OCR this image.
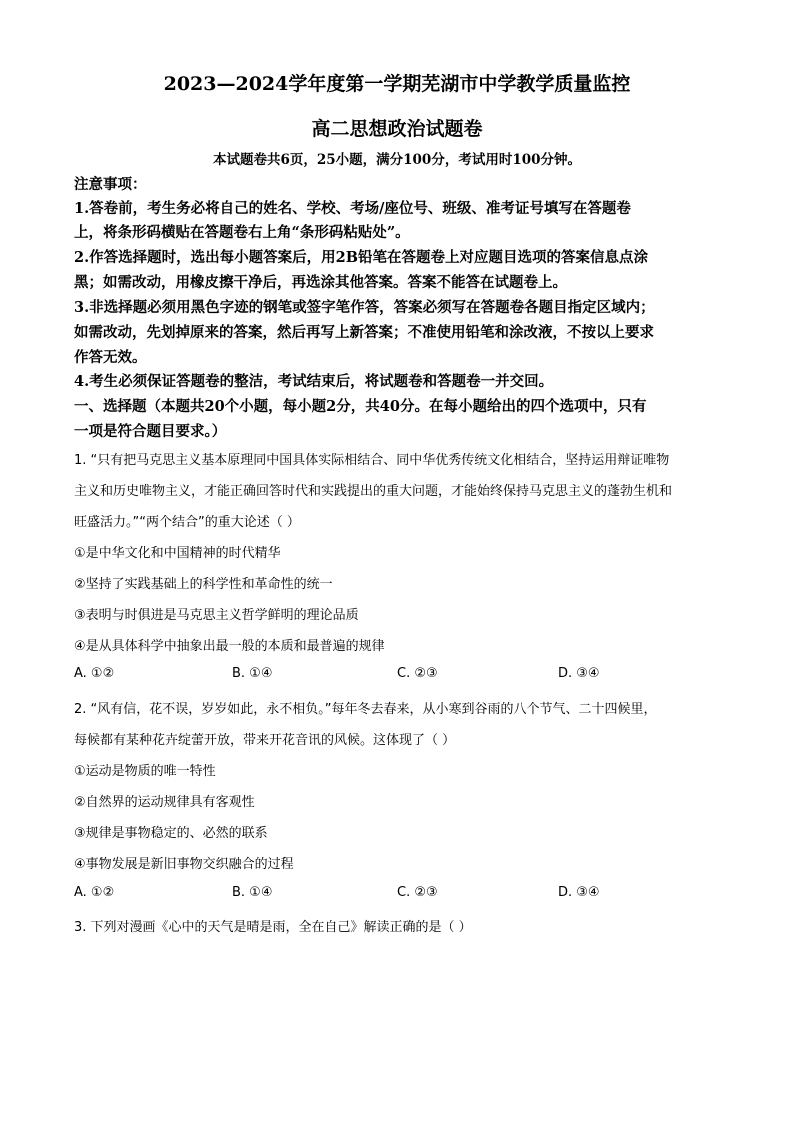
2023—2024学年度第一学期芜湖市中学教学质量监控
高二思想政治试题卷
本试题卷共6页，25小题，满分100分，考试用时100分钟。
注意事项：
1.答卷前，考生务必将自己的姓名、学校、考场/座位号、班级、准考证号填写在答题卷
上，将条形码横贴在答题卷右上角“条形码粘贴处”。
2.作答选择题时，选出每小题答案后，用2B铅笔在答题卷上对应题目选项的答案信息点涂
黑；如需改动，用橡皮擦干净后，再选涂其他答案。答案不能答在试题卷上。
3.非选择题必须用黑色字迹的钢笔或签字笔作答，答案必须写在答题卷各题目指定区域内；
如需改动，先划掉原来的答案，然后再写上新答案；不准使用铅笔和涂改液，不按以上要求
作答无效。
4.考生必须保证答题卷的整洁，考试结束后，将试题卷和答题卷一并交回。
一、选择题（本题共20个小题，每小题2分，共40分。在每小题给出的四个选项中，只有
一项是符合题目要求。）
1. “只有把马克思主义基本原理同中国具体实际相结合、同中华优秀传统文化相结合，坚持运用辩证唯物
主义和历史唯物主义，才能正确回答时代和实践提出的重大问题，才能始终保持马克思主义的蓬勃生机和
旺盛活力。”“两个结合”的重大论述（ ）
①是中华文化和中国精神的时代精华
②坚持了实践基础上的科学性和革命性的统一
③表明与时俱进是马克思主义哲学鲜明的理论品质
④是从具体科学中抽象出最一般的本质和最普遍的规律
A. ①②	B. ①④	C. ②③	D. ③④
2. “风有信，花不误，岁岁如此，永不相负。”每年冬去春来，从小寒到谷雨的八个节气、二十四候里，
每候都有某种花卉绽蕾开放，带来开花音讯的风候。这体现了（ ）
①运动是物质的唯一特性
②自然界的运动规律具有客观性
③规律是事物稳定的、必然的联系
④事物发展是新旧事物交织融合的过程
A. ①②	B. ①④	C. ②③	D. ③④
3. 下列对漫画《心中的天气是晴是雨，全在自己》解读正确的是（ ）
